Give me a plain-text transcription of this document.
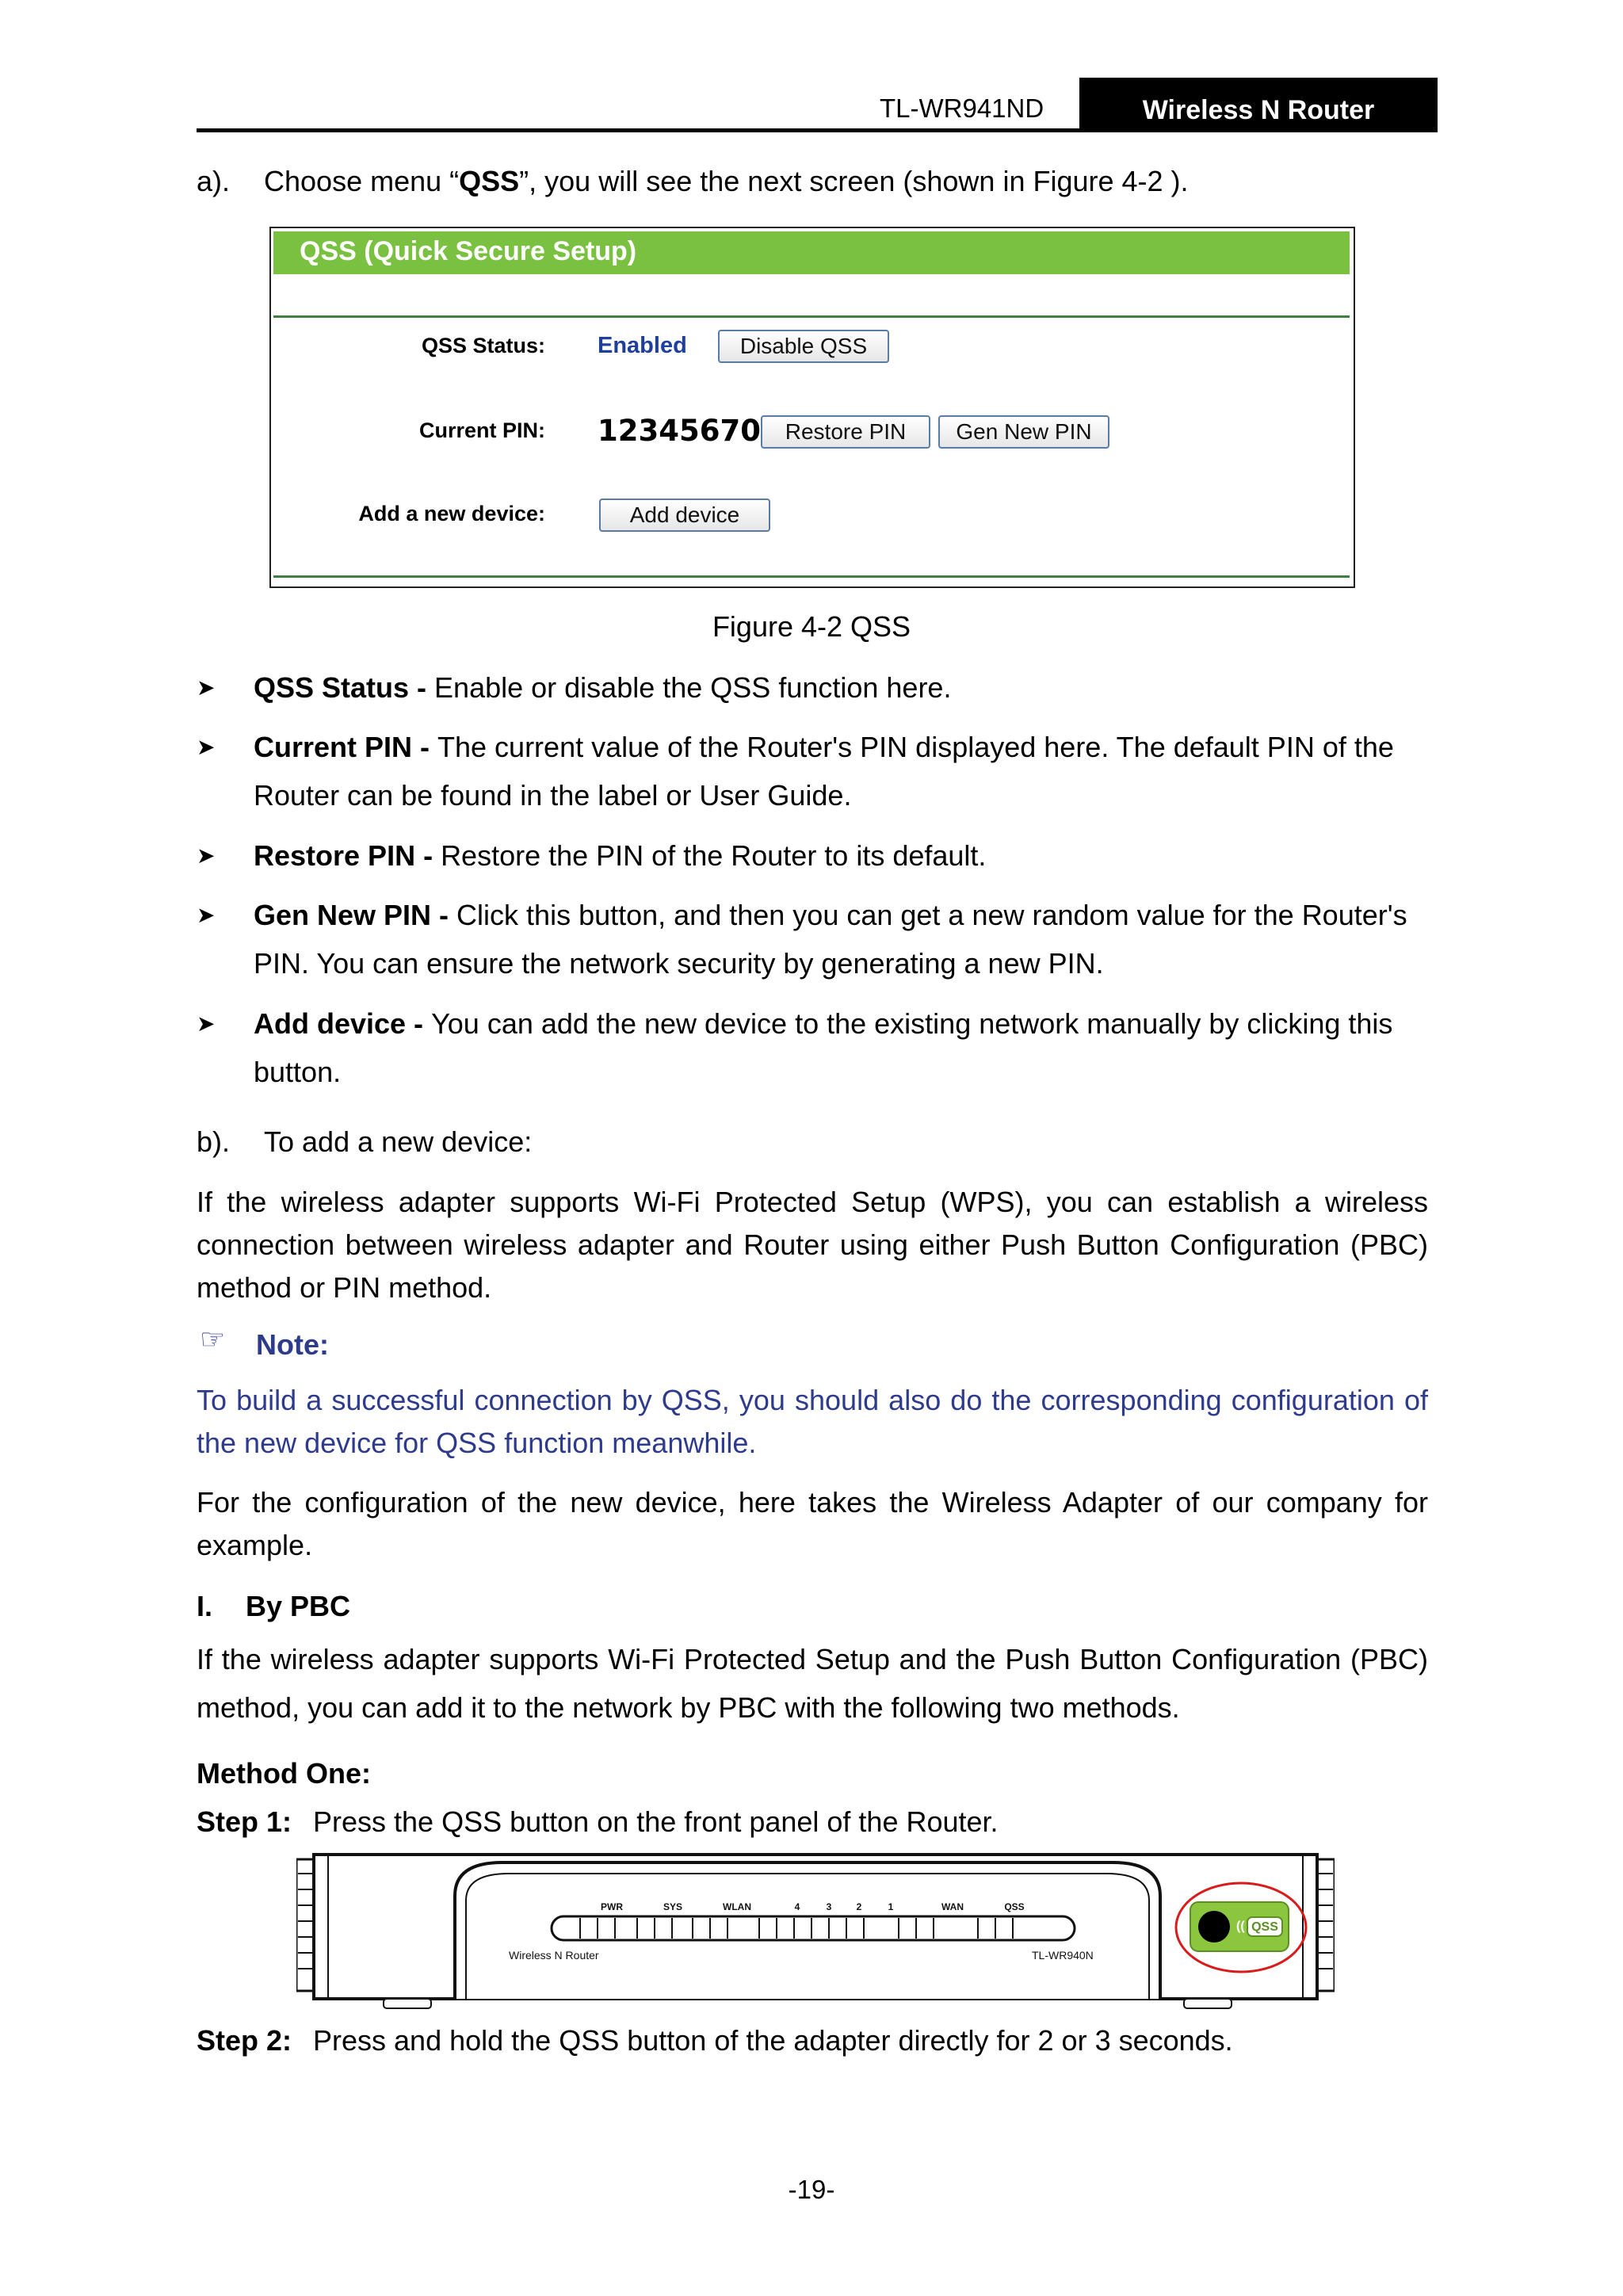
TL-WR941ND	Wireless N Router
a). Choose menu “QSS”, you will see the next screen (shown in Figure 4-2 ).
QSS (Quick Secure Setup)
QSS Status: Enabled	Disable QSS
Current PIN: 12345670	Restore PIN	Gen New PIN
Add a new device:	Add device
Figure 4-2 QSS
➤ QSS Status - Enable or disable the QSS function here.
➤ Current PIN - The current value of the Router's PIN displayed here. The default PIN of the
Router can be found in the label or User Guide.
➤ Restore PIN - Restore the PIN of the Router to its default.
➤ Gen New PIN - Click this button, and then you can get a new random value for the Router's
PIN. You can ensure the network security by generating a new PIN.
➤ Add device - You can add the new device to the existing network manually by clicking this
button.
b). To add a new device:
If the wireless adapter supports Wi-Fi Protected Setup (WPS), you can establish a wireless
connection between wireless adapter and Router using either Push Button Configuration (PBC)
method or PIN method.
☞ Note:
To build a successful connection by QSS, you should also do the corresponding configuration of
the new device for QSS function meanwhile.
For the configuration of the new device, here takes the Wireless Adapter of our company for
example.
I. By PBC
If the wireless adapter supports Wi-Fi Protected Setup and the Push Button Configuration (PBC)
method, you can add it to the network by PBC with the following two methods.
Method One:
Step 1: Press the QSS button on the front panel of the Router.
PWR	SYS	WLAN	4	3	2	1	WAN	QSS
Wireless N Router	TL-WR940N
(( QSS
Step 2: Press and hold the QSS button of the adapter directly for 2 or 3 seconds.
-19-
